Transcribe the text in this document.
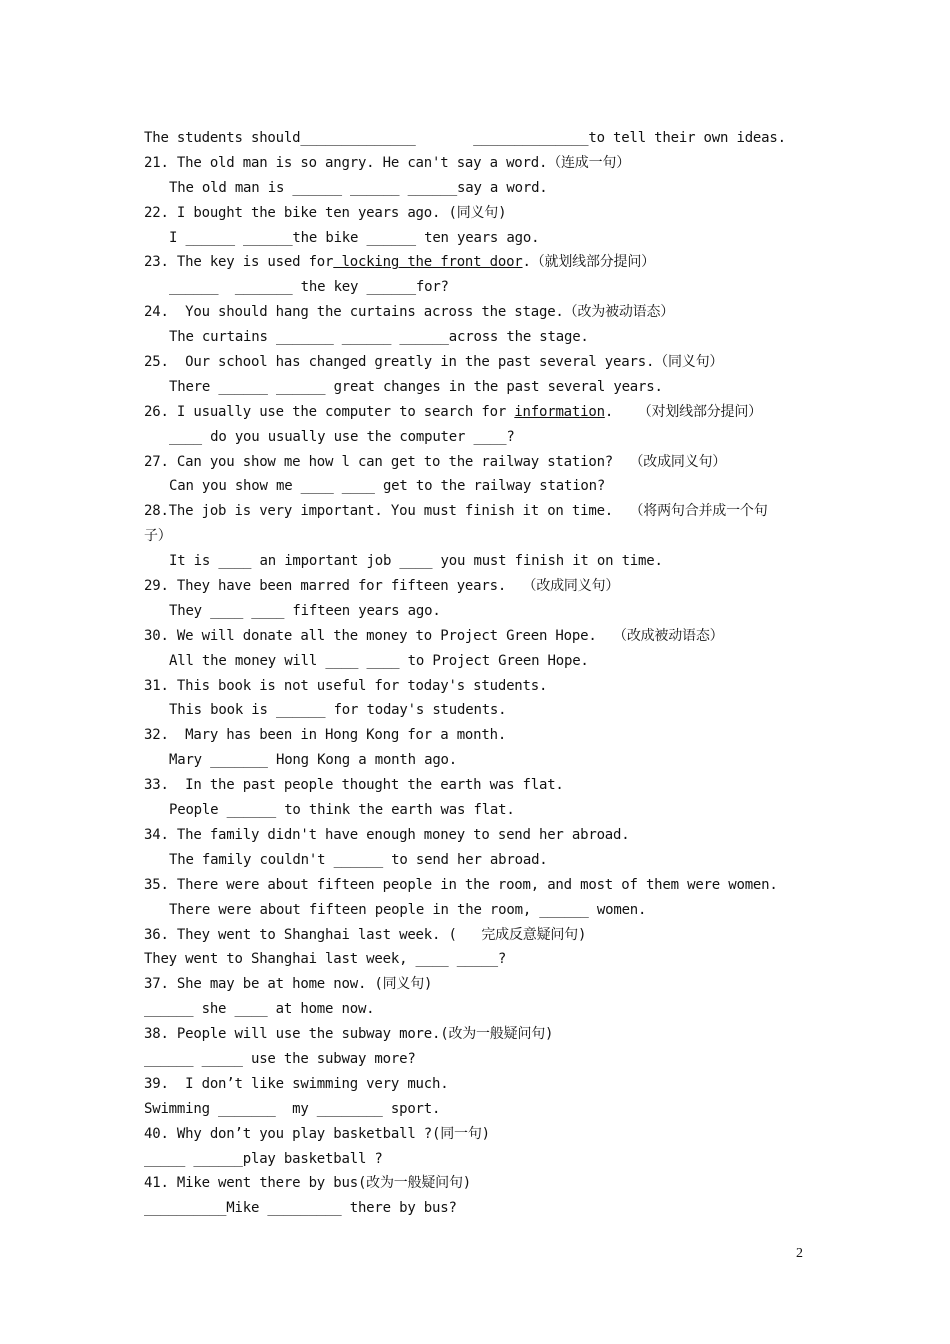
The students should______________       ______________to tell their own ideas.
21. The old man is so angry. He can't say a word.（连成一句）
The old man is ______ ______ ______say a word.
22. I bought the bike ten years ago. (同义句)
I ______ ______the bike ______ ten years ago.
23. The key is used for locking the front door.（就划线部分提问）
______  _______ the key ______for?
24.  You should hang the curtains across the stage.（改为被动语态）
The curtains _______ ______ ______across the stage.
25.  Our school has changed greatly in the past several years.（同义句）
There ______ ______ great changes in the past several years.
26. I usually use the computer to search for information.   （对划线部分提问）
____ do you usually use the computer ____?
27. Can you show me how l can get to the railway station?  （改成同义句）
Can you show me ____ ____ get to the railway station?
28.The job is very important. You must finish it on time.  （将两句合并成一个句
子）
It is ____ an important job ____ you must finish it on time.
29. They have been marred for fifteen years.  （改成同义句）
They ____ ____ fifteen years ago.
30. We will donate all the money to Project Green Hope.  （改成被动语态）
All the money will ____ ____ to Project Green Hope.
31. This book is not useful for today's students.
This book is ______ for today's students.
32.  Mary has been in Hong Kong for a month.
Mary _______ Hong Kong a month ago.
33.  In the past people thought the earth was flat.
People ______ to think the earth was flat.
34. The family didn't have enough money to send her abroad.
The family couldn't ______ to send her abroad.
35. There were about fifteen people in the room, and most of them were women.
There were about fifteen people in the room, ______ women.
36. They went to Shanghai last week. (   完成反意疑问句)
They went to Shanghai last week, ____ _____?
37. She may be at home now. (同义句)
______ she ____ at home now.
38. People will use the subway more.(改为一般疑问句)
______ _____ use the subway more?
39.  I don’t like swimming very much.
Swimming _______  my ________ sport.
40. Why don’t you play basketball ?(同一句)
_____ ______play basketball ?
41. Mike went there by bus(改为一般疑问句)
__________Mike _________ there by bus?
2
